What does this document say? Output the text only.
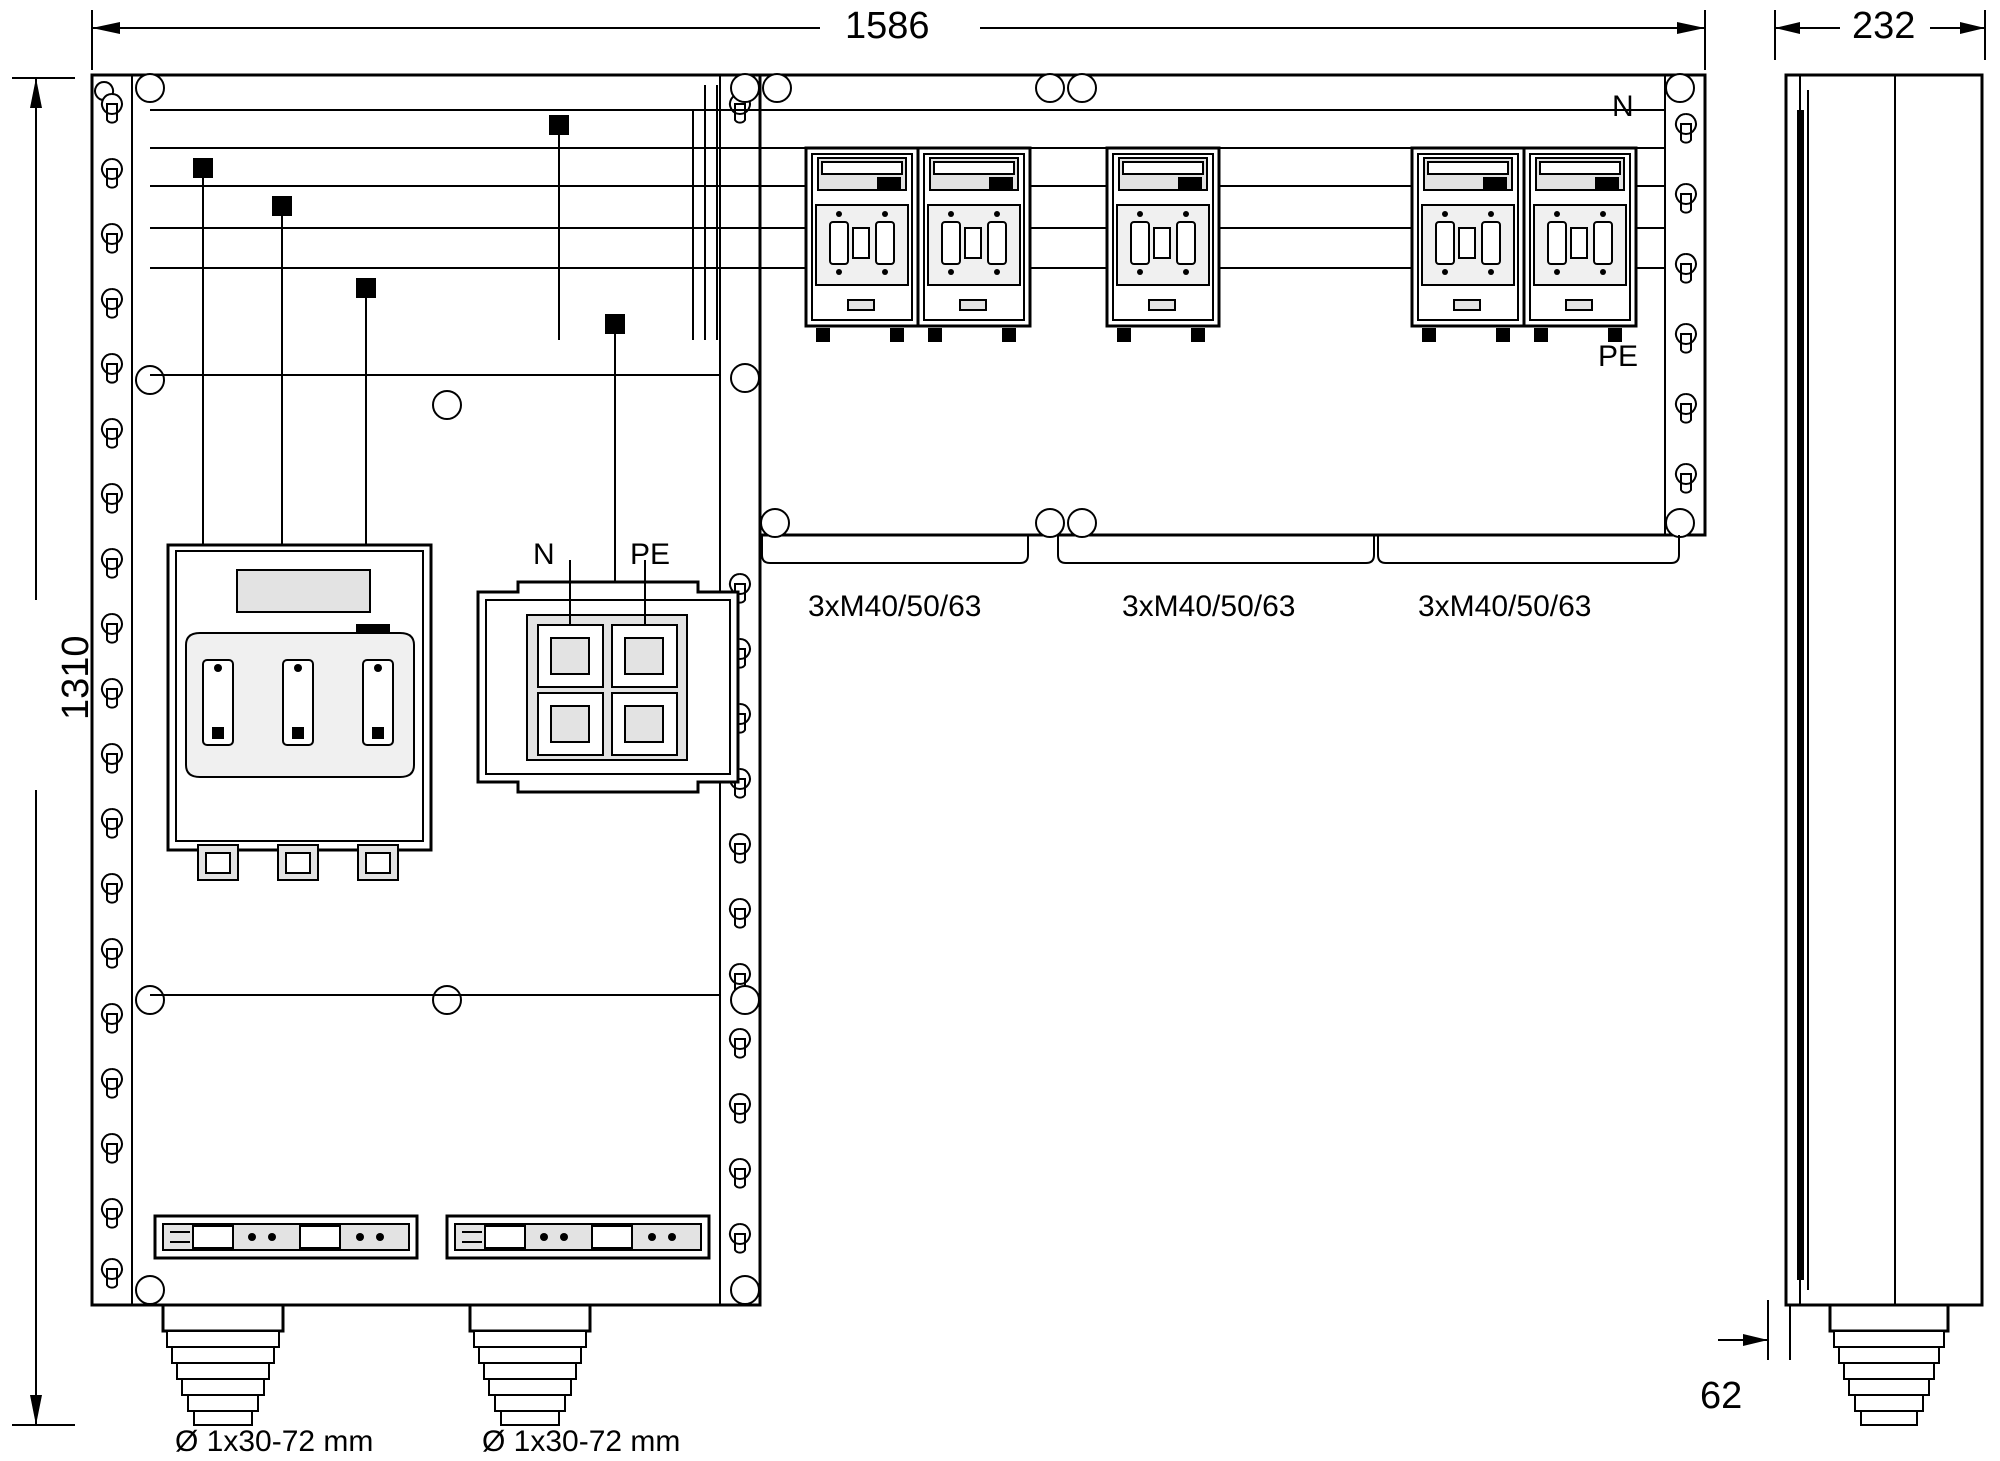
1586
1310
232
62
N
PE
N	PE
3xM40/50/63	3xM40/50/63	3xM40/50/63
Ø 1x30-72 mm	Ø 1x30-72 mm
